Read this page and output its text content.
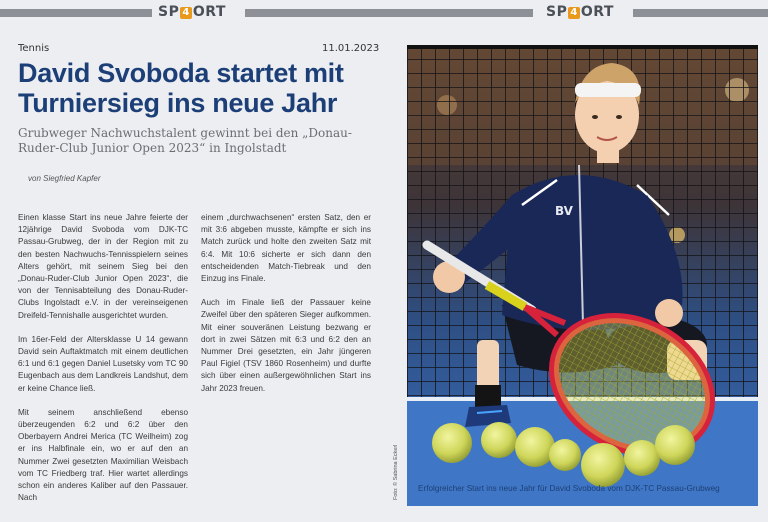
SP 4 ORT	SP 4 ORT
Tennis	11.01.2023
David Svoboda startet mit Turniersieg ins neue Jahr
Grubweger Nachwuchstalent gewinnt bei den „Donau-Ruder-Club Junior Open 2023“ in Ingolstadt
von Siegfried Kapfer

Einen klasse Start ins neue Jahre feierte der 12jährige David Svoboda vom DJK-TC Passau-Grubweg, der in der Region mit zu den besten Nachwuchs-Tennisspielern seines Alters gehört, mit seinem Sieg bei den „Donau-Ruder-Club Junior Open 2023“, die von der Tennisabteilung des Donau-Ruder-Clubs Ingolstadt e.V. in der vereinseigenen Dreifeld-Tennishalle ausgerichtet wurden.

Im 16er-Feld der Altersklasse U 14 gewann David sein Auftaktmatch mit einem deutlichen 6:1 und 6:1 gegen Daniel Lusetsky vom TC 90 Eugenbach aus dem Landkreis Landshut, dem er keine Chance ließ.

Mit seinem anschließend ebenso überzeugenden 6:2 und 6:2 über den Oberbayern Andrei Merica (TC Weilheim) zog er ins Halbfinale ein, wo er auf den an Nummer Zwei gesetzten Maximilian Weisbach vom TC Friedberg traf. Hier wartet allerdings schon ein anderes Kaliber auf den Passauer. Nach

einem „durchwachsenen“ ersten Satz, den er mit 3:6 abgeben musste, kämpfte er sich ins Match zurück und holte den zweiten Satz mit 6:4. Mit 10:6 sicherte er sich dann den entscheidenden Match-Tiebreak und den Einzug ins Finale.

Auch im Finale ließ der Passauer keine Zweifel über den späteren Sieger aufkommen. Mit einer souveränen Leistung bezwang er dort in zwei Sätzen mit 6:3 und 6:2 den an Nummer Drei gesetzten, ein Jahr jüngeren Paul Figiel (TSV 1860 Rosenheim) und durfte sich über einen außergewöhnlichen Start ins Jahr 2023 freuen.

BV
Foto: © Sabrina Eckerl Erfolgreicher Start ins neue Jahr für David Svoboda vom DJK-TC Passau-Grubweg
